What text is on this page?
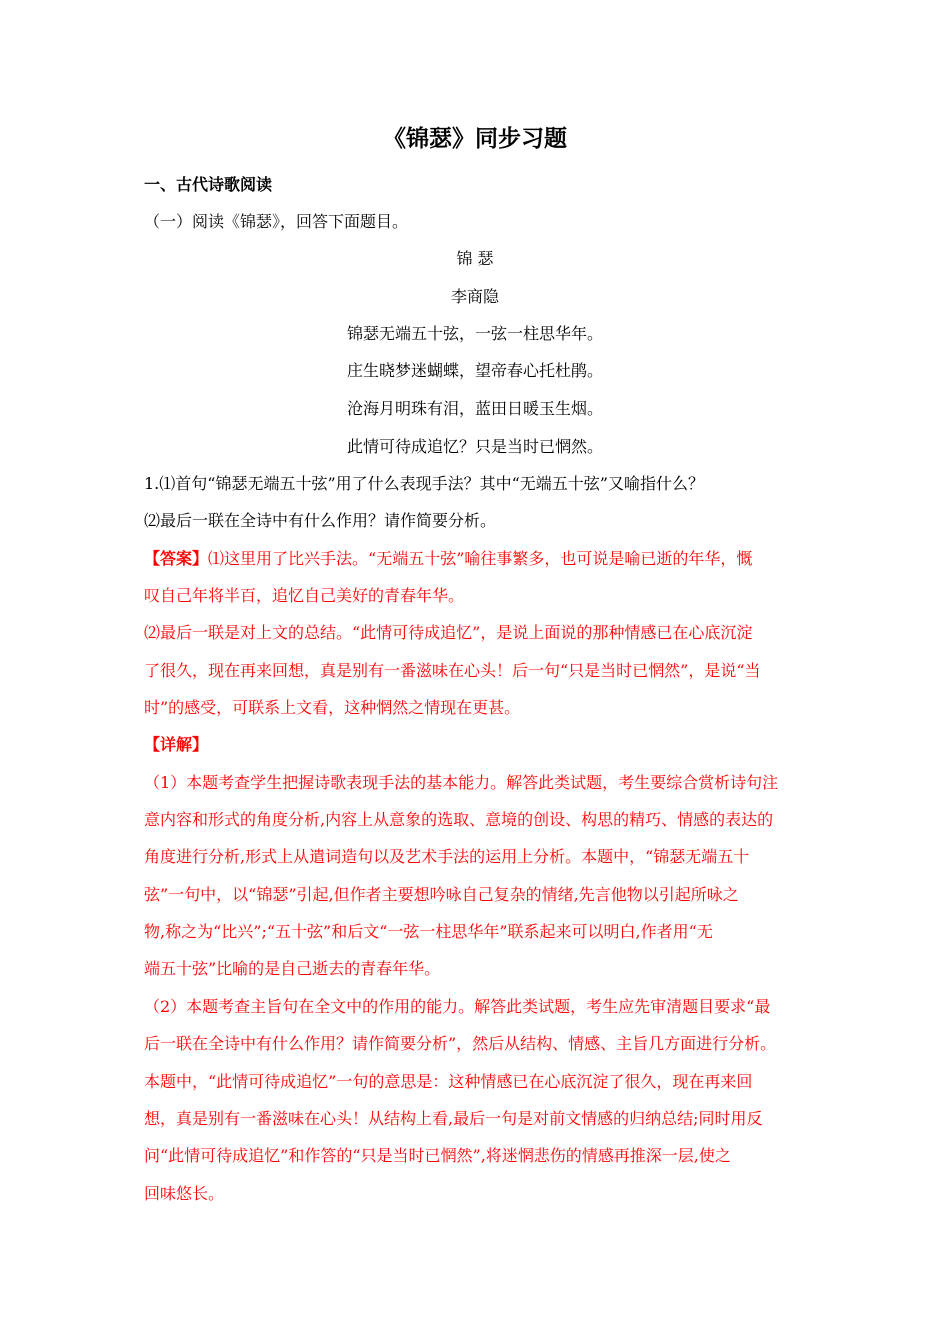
《锦瑟》同步习题
一、古代诗歌阅读
（一）阅读《锦瑟》，回答下面题目。
锦 瑟
李商隐
锦瑟无端五十弦，一弦一柱思华年。
庄生晓梦迷蝴蝶，望帝春心托杜鹃。
沧海月明珠有泪，蓝田日暖玉生烟。
此情可待成追忆？只是当时已惘然。
1.⑴首句“锦瑟无端五十弦”用了什么表现手法？其中“无端五十弦”又喻指什么？
⑵最后一联在全诗中有什么作用？请作简要分析。
【答案】⑴这里用了比兴手法。“无端五十弦”喻往事繁多，也可说是喻已逝的年华，慨
叹自己年将半百，追忆自己美好的青春年华。
⑵最后一联是对上文的总结。“此情可待成追忆”，是说上面说的那种情感已在心底沉淀
了很久，现在再来回想，真是别有一番滋味在心头！后一句“只是当时已惘然”，是说“当
时”的感受，可联系上文看，这种惘然之情现在更甚。
【详解】
（1）本题考查学生把握诗歌表现手法的基本能力。解答此类试题，考生要综合赏析诗句注
意内容和形式的角度分析,内容上从意象的选取、意境的创设、构思的精巧、情感的表达的
角度进行分析,形式上从遣词造句以及艺术手法的运用上分析。本题中，“锦瑟无端五十
弦”一句中，以“锦瑟”引起,但作者主要想吟咏自己复杂的情绪,先言他物以引起所咏之
物,称之为“比兴”;“五十弦”和后文“一弦一柱思华年”联系起来可以明白,作者用“无
端五十弦”比喻的是自己逝去的青春年华。
（2）本题考查主旨句在全文中的作用的能力。解答此类试题，考生应先审清题目要求“最
后一联在全诗中有什么作用？请作简要分析”，然后从结构、情感、主旨几方面进行分析。
本题中，“此情可待成追忆”一句的意思是：这种情感已在心底沉淀了很久，现在再来回
想，真是别有一番滋味在心头！从结构上看,最后一句是对前文情感的归纳总结;同时用反
问“此情可待成追忆”和作答的“只是当时已惘然”,将迷惘悲伤的情感再推深一层,使之
回味悠长。
